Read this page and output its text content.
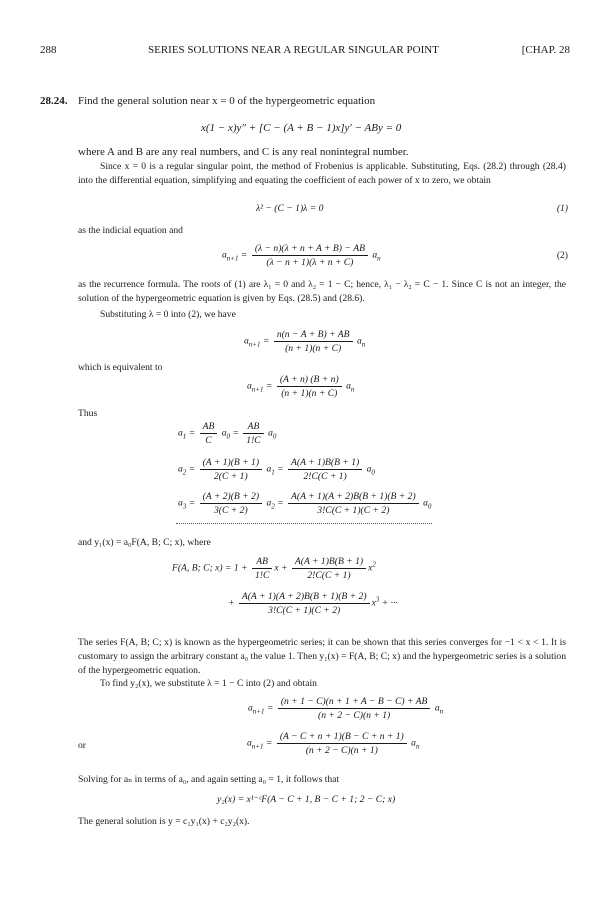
288	SERIES SOLUTIONS NEAR A REGULAR SINGULAR POINT	[CHAP. 28
28.24. Find the general solution near x = 0 of the hypergeometric equation
x(1 − x)y″ + [C − (A + B − 1)x]y′ − ABy = 0
where A and B are any real numbers, and C is any real nonintegral number.
Since x = 0 is a regular singular point, the method of Frobenius is applicable. Substituting, Eqs. (28.2) through (28.4) into the differential equation, simplifying and equating the coefficient of each power of x to zero, we obtain
λ² − (C − 1)λ = 0	(1)
as the indicial equation and
$a_{n+1} = \frac{(\lambda - n)(\lambda + n + A + B) - AB}{(\lambda - n + 1)(\lambda + n + C)} a_n$	(2)
as the recurrence formula. The roots of (1) are λ₁ = 0 and λ₂ = 1 − C; hence, λ₁ − λ₂ = C − 1. Since C is not an integer, the solution of the hypergeometric equation is given by Eqs. (28.5) and (28.6).
Substituting λ = 0 into (2), we have
$a_{n+1} = \frac{n(n - A + B) + AB}{(n + 1)(n + C)} a_n$
which is equivalent to
$a_{n+1} = \frac{(A + n) (B + n)}{(n + 1)(n + C)} a_n$
Thus
$a_1 = \frac{AB}{C} a_0 = \frac{AB}{1!C} a_0$
$a_2 = \frac{(A + 1)(B + 1)}{2(C + 1)} a_1 = \frac{A(A + 1)B(B + 1)}{2!C(C + 1)} a_0$
$a_3 = \frac{(A + 2)(B + 2)}{3(C + 2)} a_2 = \frac{A(A + 1)(A + 2)B(B + 1)(B + 2)}{3!C(C + 1)(C + 2)} a_0$
and y₁(x) = a₀F(A, B; C; x), where
F(A, B; C; $x) = 1 + \frac{AB}{1!C}$ $x + \frac{A(A + 1)B(B + 1)}{2!C(C + 1)} x^2$
+ $\frac{A(A + 1)(A + 2)B(B + 1)(B + 2)}{3!C(C + 1)(C + 2)} x^3$ + ···
The series F(A, B; C; x) is known as the hypergeometric series; it can be shown that this series converges for −1 < x < 1. It is customary to assign the arbitrary constant a₀ the value 1. Then y₁(x) = F(A, B; C; x) and the hypergeometric series is a solution of the hypergeometric equation.
To find y₂(x), we substitute λ = 1 − C into (2) and obtain
$a_{n+1} = \frac{(n + 1 - C)(n + 1 + A - B - C) + AB}{(n + 2 - C)(n + 1)} a_n$
or	$a_{n+1} = \frac{(A - C + n + 1)(B - C + n + 1)}{(n + 2 - C)(n + 1)} a_n$
Solving for aₙ in terms of a₀, and again setting a₀ = 1, it follows that
y₂(x) = x¹⁻ᶜF(A − C + 1, B − C + 1; 2 − C; x)
The general solution is y = c₁y₁(x) + c₂y₂(x).
